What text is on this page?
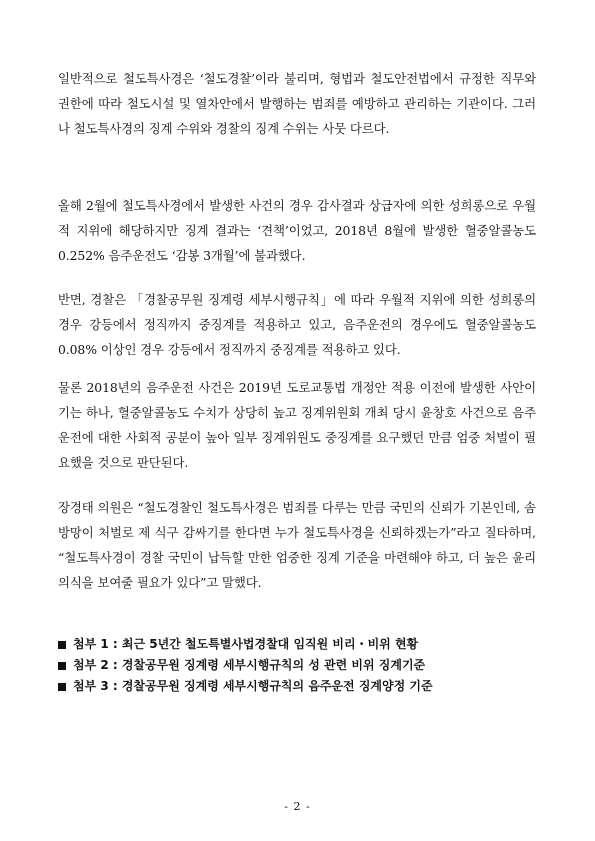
일반적으로 철도특사경은 ‘철도경찰’이라 불리며, 형법과 철도안전법에서 규정한 직무와 권한에 따라 철도시설 및 열차안에서 발행하는 범죄를 예방하고 관리하는 기관이다. 그러나 철도특사경의 징계 수위와 경찰의 징계 수위는 사뭇 다르다.

올해 2월에 철도특사경에서 발생한 사건의 경우 감사결과 상급자에 의한 성희롱으로 우월적 지위에 해당하지만 징계 결과는 ‘견책’이었고, 2018년 8월에 발생한 혈중알콜농도 0.252% 음주운전도 ‘감봉 3개월’에 불과했다.

반면, 경찰은 「경찰공무원 징계령 세부시행규칙」에 따라 우월적 지위에 의한 성희롱의 경우 강등에서 정직까지 중징계를 적용하고 있고, 음주운전의 경우에도 혈중알콜농도 0.08% 이상인 경우 강등에서 정직까지 중징계를 적용하고 있다.

물론 2018년의 음주운전 사건은 2019년 도로교통법 개정안 적용 이전에 발생한 사안이기는 하나, 혈중알콜농도 수치가 상당히 높고 징계위원회 개최 당시 윤창호 사건으로 음주운전에 대한 사회적 공분이 높아 일부 징계위원도 중징계를 요구했던 만큼 엄중 처벌이 필요했을 것으로 판단된다.

장경태 의원은 “철도경찰인 철도특사경은 범죄를 다루는 만큼 국민의 신뢰가 기본인데, 솜방망이 처벌로 제 식구 감싸기를 한다면 누가 철도특사경을 신뢰하겠는가”라고 질타하며, “철도특사경이 경찰 국민이 납득할 만한 엄중한 징계 기준을 마련해야 하고, 더 높은 윤리의식을 보여줄 필요가 있다”고 말했다.

첨부 1 : 최근 5년간 철도특별사법경찰대 임직원 비리・비위 현황
첨부 2 : 경찰공무원 징계령 세부시행규칙의 성 관련 비위 징계기준
첨부 3 : 경찰공무원 징계령 세부시행규칙의 음주운전 징계양정 기준
- 2 -
